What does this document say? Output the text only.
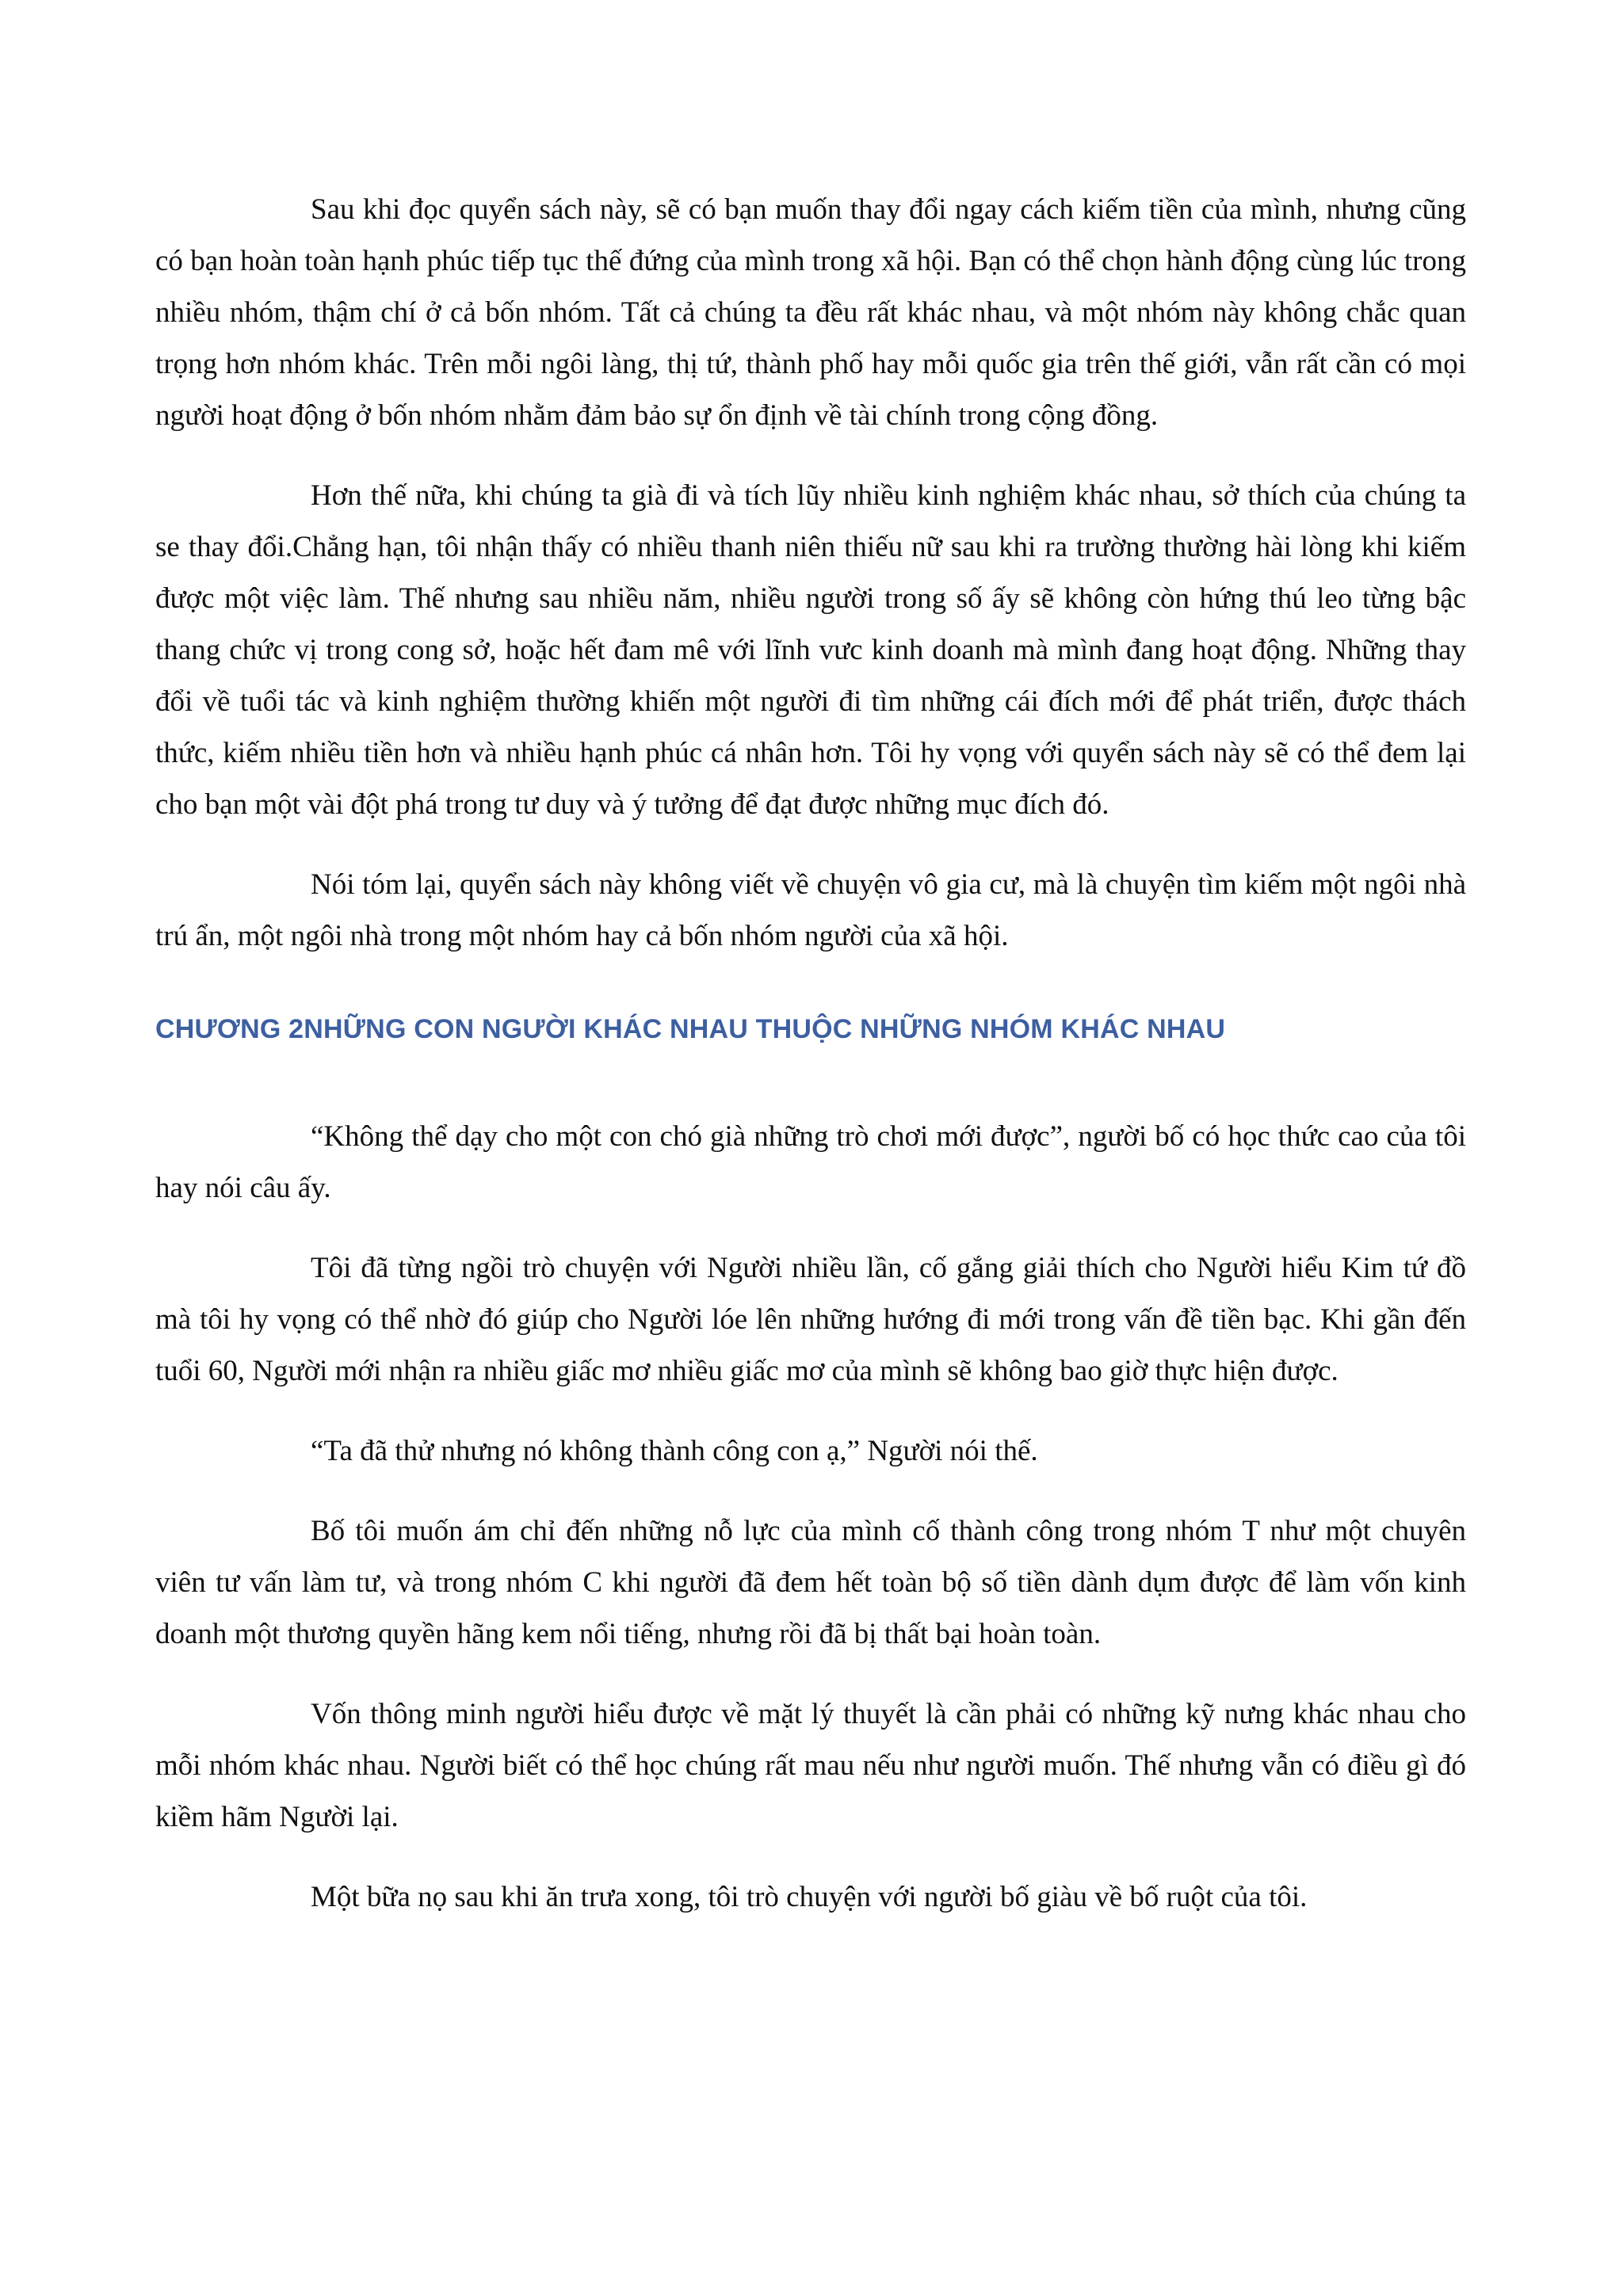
Sau khi đọc quyển sách này, sẽ có bạn muốn thay đổi ngay cách kiếm tiền của mình, nhưng cũng có bạn hoàn toàn hạnh phúc tiếp tục thế đứng của mình trong xã hội. Bạn có thể chọn hành động cùng lúc trong nhiều nhóm, thậm chí ở cả bốn nhóm. Tất cả chúng ta đều rất khác nhau, và một nhóm này không chắc quan trọng hơn nhóm khác. Trên mỗi ngôi làng, thị tứ, thành phố hay mỗi quốc gia trên thế giới, vẫn rất cần có mọi người hoạt động ở bốn nhóm nhằm đảm bảo sự ổn định về tài chính trong cộng đồng.

Hơn thế nữa, khi chúng ta già đi và tích lũy nhiều kinh nghiệm khác nhau, sở thích của chúng ta se thay đổi.Chẳng hạn, tôi nhận thấy có nhiều thanh niên thiếu nữ sau khi ra trường thường hài lòng khi kiếm được một việc làm. Thế nhưng sau nhiều năm, nhiều người trong số ấy sẽ không còn hứng thú leo từng bậc thang chức vị trong cong sở, hoặc hết đam mê với lĩnh vưc kinh doanh mà mình đang hoạt động. Những thay đổi về tuổi tác và kinh nghiệm thường khiến một người đi tìm những cái đích mới để phát triển, được thách thức, kiếm nhiều tiền hơn và nhiều hạnh phúc cá nhân hơn. Tôi hy vọng với quyển sách này sẽ có thể đem lại cho bạn một vài đột phá trong tư duy và ý tưởng để đạt được những mục đích đó.

Nói tóm lại, quyển sách này không viết về chuyện vô gia cư, mà là chuyện tìm kiếm một ngôi nhà trú ẩn, một ngôi nhà trong một nhóm hay cả bốn nhóm người của xã hội.

CHƯƠNG 2NHỮNG CON NGƯỜI KHÁC NHAU THUỘC NHỮNG NHÓM KHÁC NHAU

“Không thể dạy cho một con chó già những trò chơi mới được”, người bố có học thức cao của tôi hay nói câu ấy.

Tôi đã từng ngồi trò chuyện với Người nhiều lần, cố gắng giải thích cho Người hiểu Kim tứ đồ mà tôi hy vọng có thể nhờ đó giúp cho Người lóe lên những hướng đi mới trong vấn đề tiền bạc. Khi gần đến tuổi 60, Người mới nhận ra nhiều giấc mơ nhiều giấc mơ của mình sẽ không bao giờ thực hiện được.

“Ta đã thử nhưng nó không thành công con ạ,” Người nói thế.

Bố tôi muốn ám chỉ đến những nỗ lực của mình cố thành công trong nhóm T như một chuyên viên tư vấn làm tư, và trong nhóm C khi người đã đem hết toàn bộ số tiền dành dụm được để làm vốn kinh doanh một thương quyền hãng kem nổi tiếng, nhưng rồi đã bị thất bại hoàn toàn.

Vốn thông minh người hiểu được về mặt lý thuyết là cần phải có những kỹ nưng khác nhau cho mỗi nhóm khác nhau. Người biết có thể học chúng rất mau nếu như người muốn. Thế nhưng vẫn có điều gì đó kiềm hãm Người lại.

Một bữa nọ sau khi ăn trưa xong, tôi trò chuyện với người bố giàu về bố ruột của tôi.
